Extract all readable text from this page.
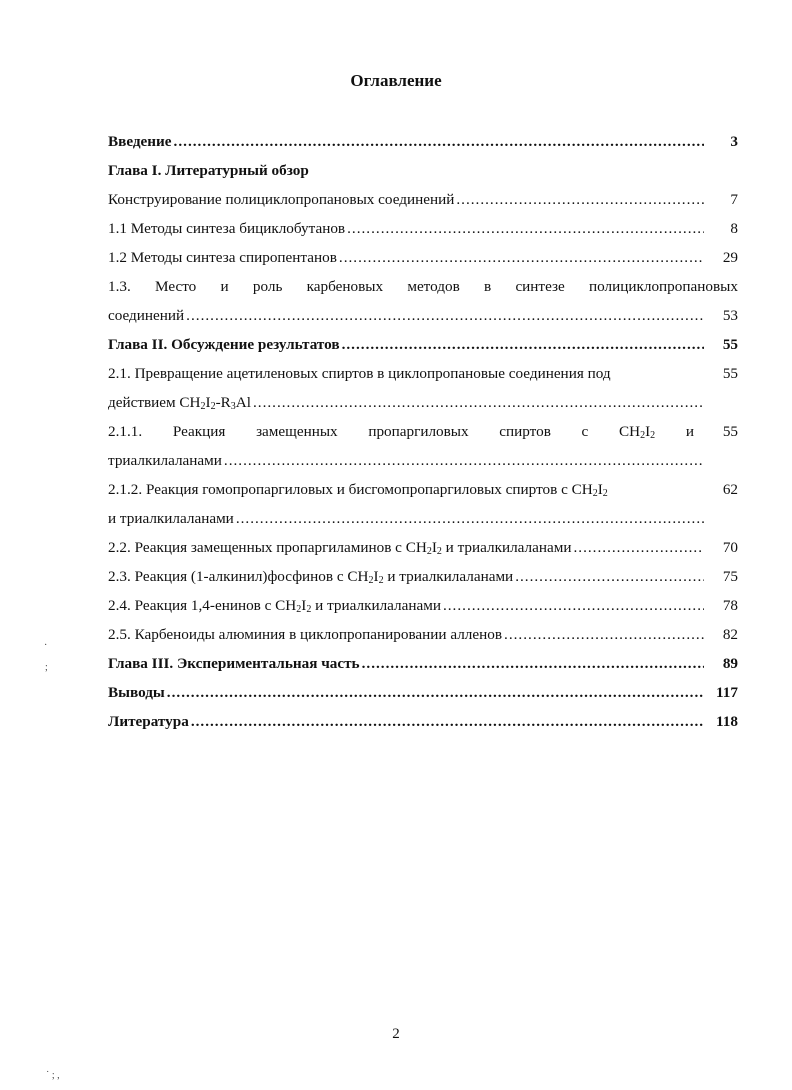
Оглавление
Введение .....	3
Глава I. Литературный обзор
Конструирование полициклопропановых соединений .....	7
1.1 Методы синтеза бициклобутанов .....	8
1.2 Методы синтеза спиропентанов .....	29
1.3. Место и роль карбеновых методов в синтезе полициклопропановых
соединений .....	53
Глава II. Обсуждение результатов .....	55
2.1. Превращение ацетиленовых спиртов в циклопропановые соединения под	55
действием $CH_2I_2-R_3Al$
.....
2.1.1. Реакция замещенных пропаргиловых спиртов с $CH_2I_2$ и	55
триалкилаланами
.....
2.1.2. Реакция гомопропаргиловых и бисгомопропаргиловых спиртов с $CH_2I_2$	62
и триалкилаланами
.....
2.2. Реакция замещенных пропаргиламинов с $CH_2I_2$ и триалкилаланами .....	70
2.3. Реакция (1-алкинил)фосфинов с $CH_2I_2$ и триалкилаланами .....	75
2.4. Реакция 1,4-енинов с $CH_2I_2$ и триалкилаланами .....	78
2.5. Карбеноиды алюминия в циклопропанировании алленов .....	82
Глава III. Экспериментальная часть .....	89
Выводы .....	117
Литература .....	118
·
;
˙ ; ,
2
